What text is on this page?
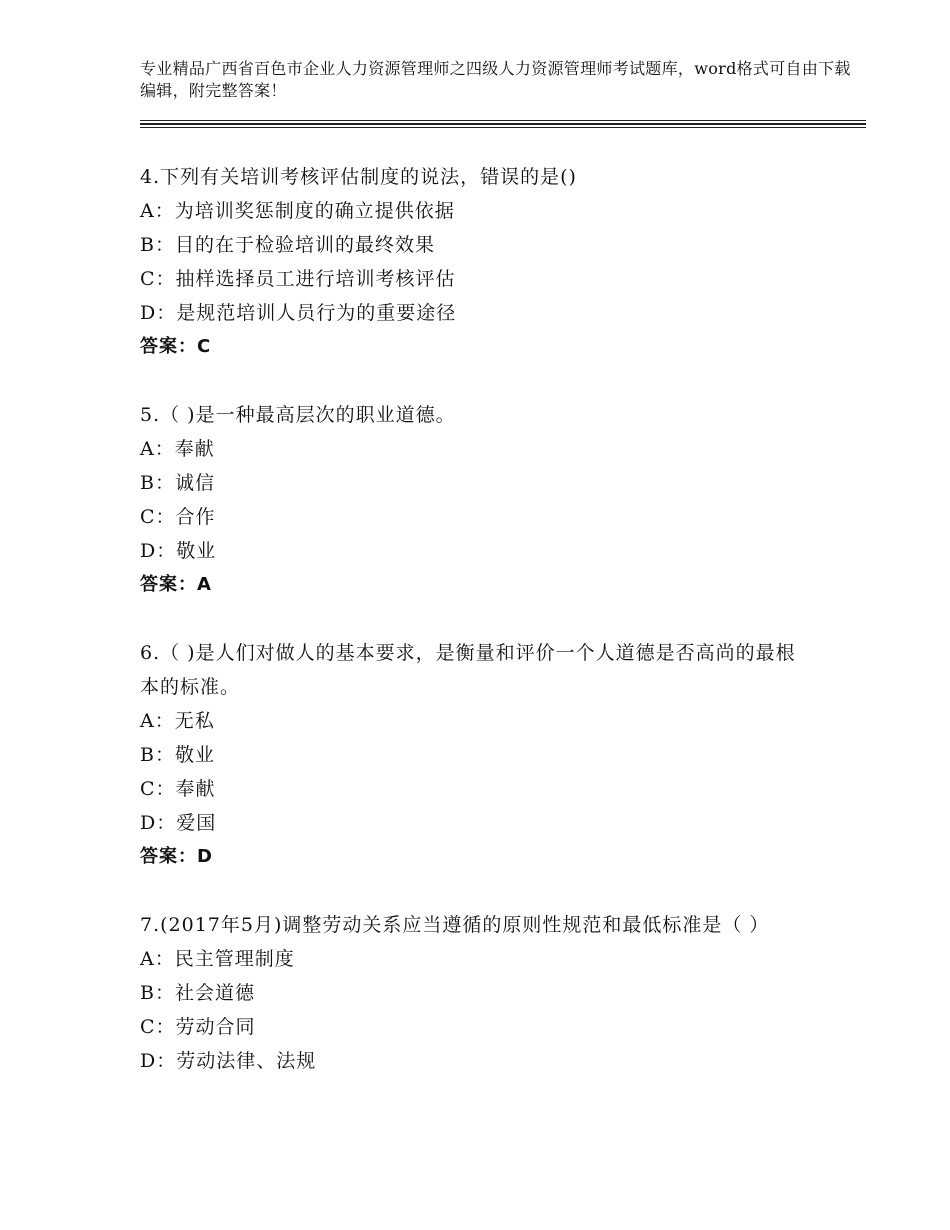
专业精品广西省百色市企业人力资源管理师之四级人力资源管理师考试题库，word格式可自由下载编辑，附完整答案！
4.下列有关培训考核评估制度的说法，错误的是()
A：为培训奖惩制度的确立提供依据
B：目的在于检验培训的最终效果
C：抽样选择员工进行培训考核评估
D：是规范培训人员行为的重要途径
答案：C
5.（ )是一种最高层次的职业道德。
A：奉献
B：诚信
C：合作
D：敬业
答案：A
6.（ )是人们对做人的基本要求，是衡量和评价一个人道德是否高尚的最根本的标准。
A：无私
B：敬业
C：奉献
D：爱国
答案：D
7.(2017年5月)调整劳动关系应当遵循的原则性规范和最低标准是（ ）
A：民主管理制度
B：社会道德
C：劳动合同
D：劳动法律、法规
